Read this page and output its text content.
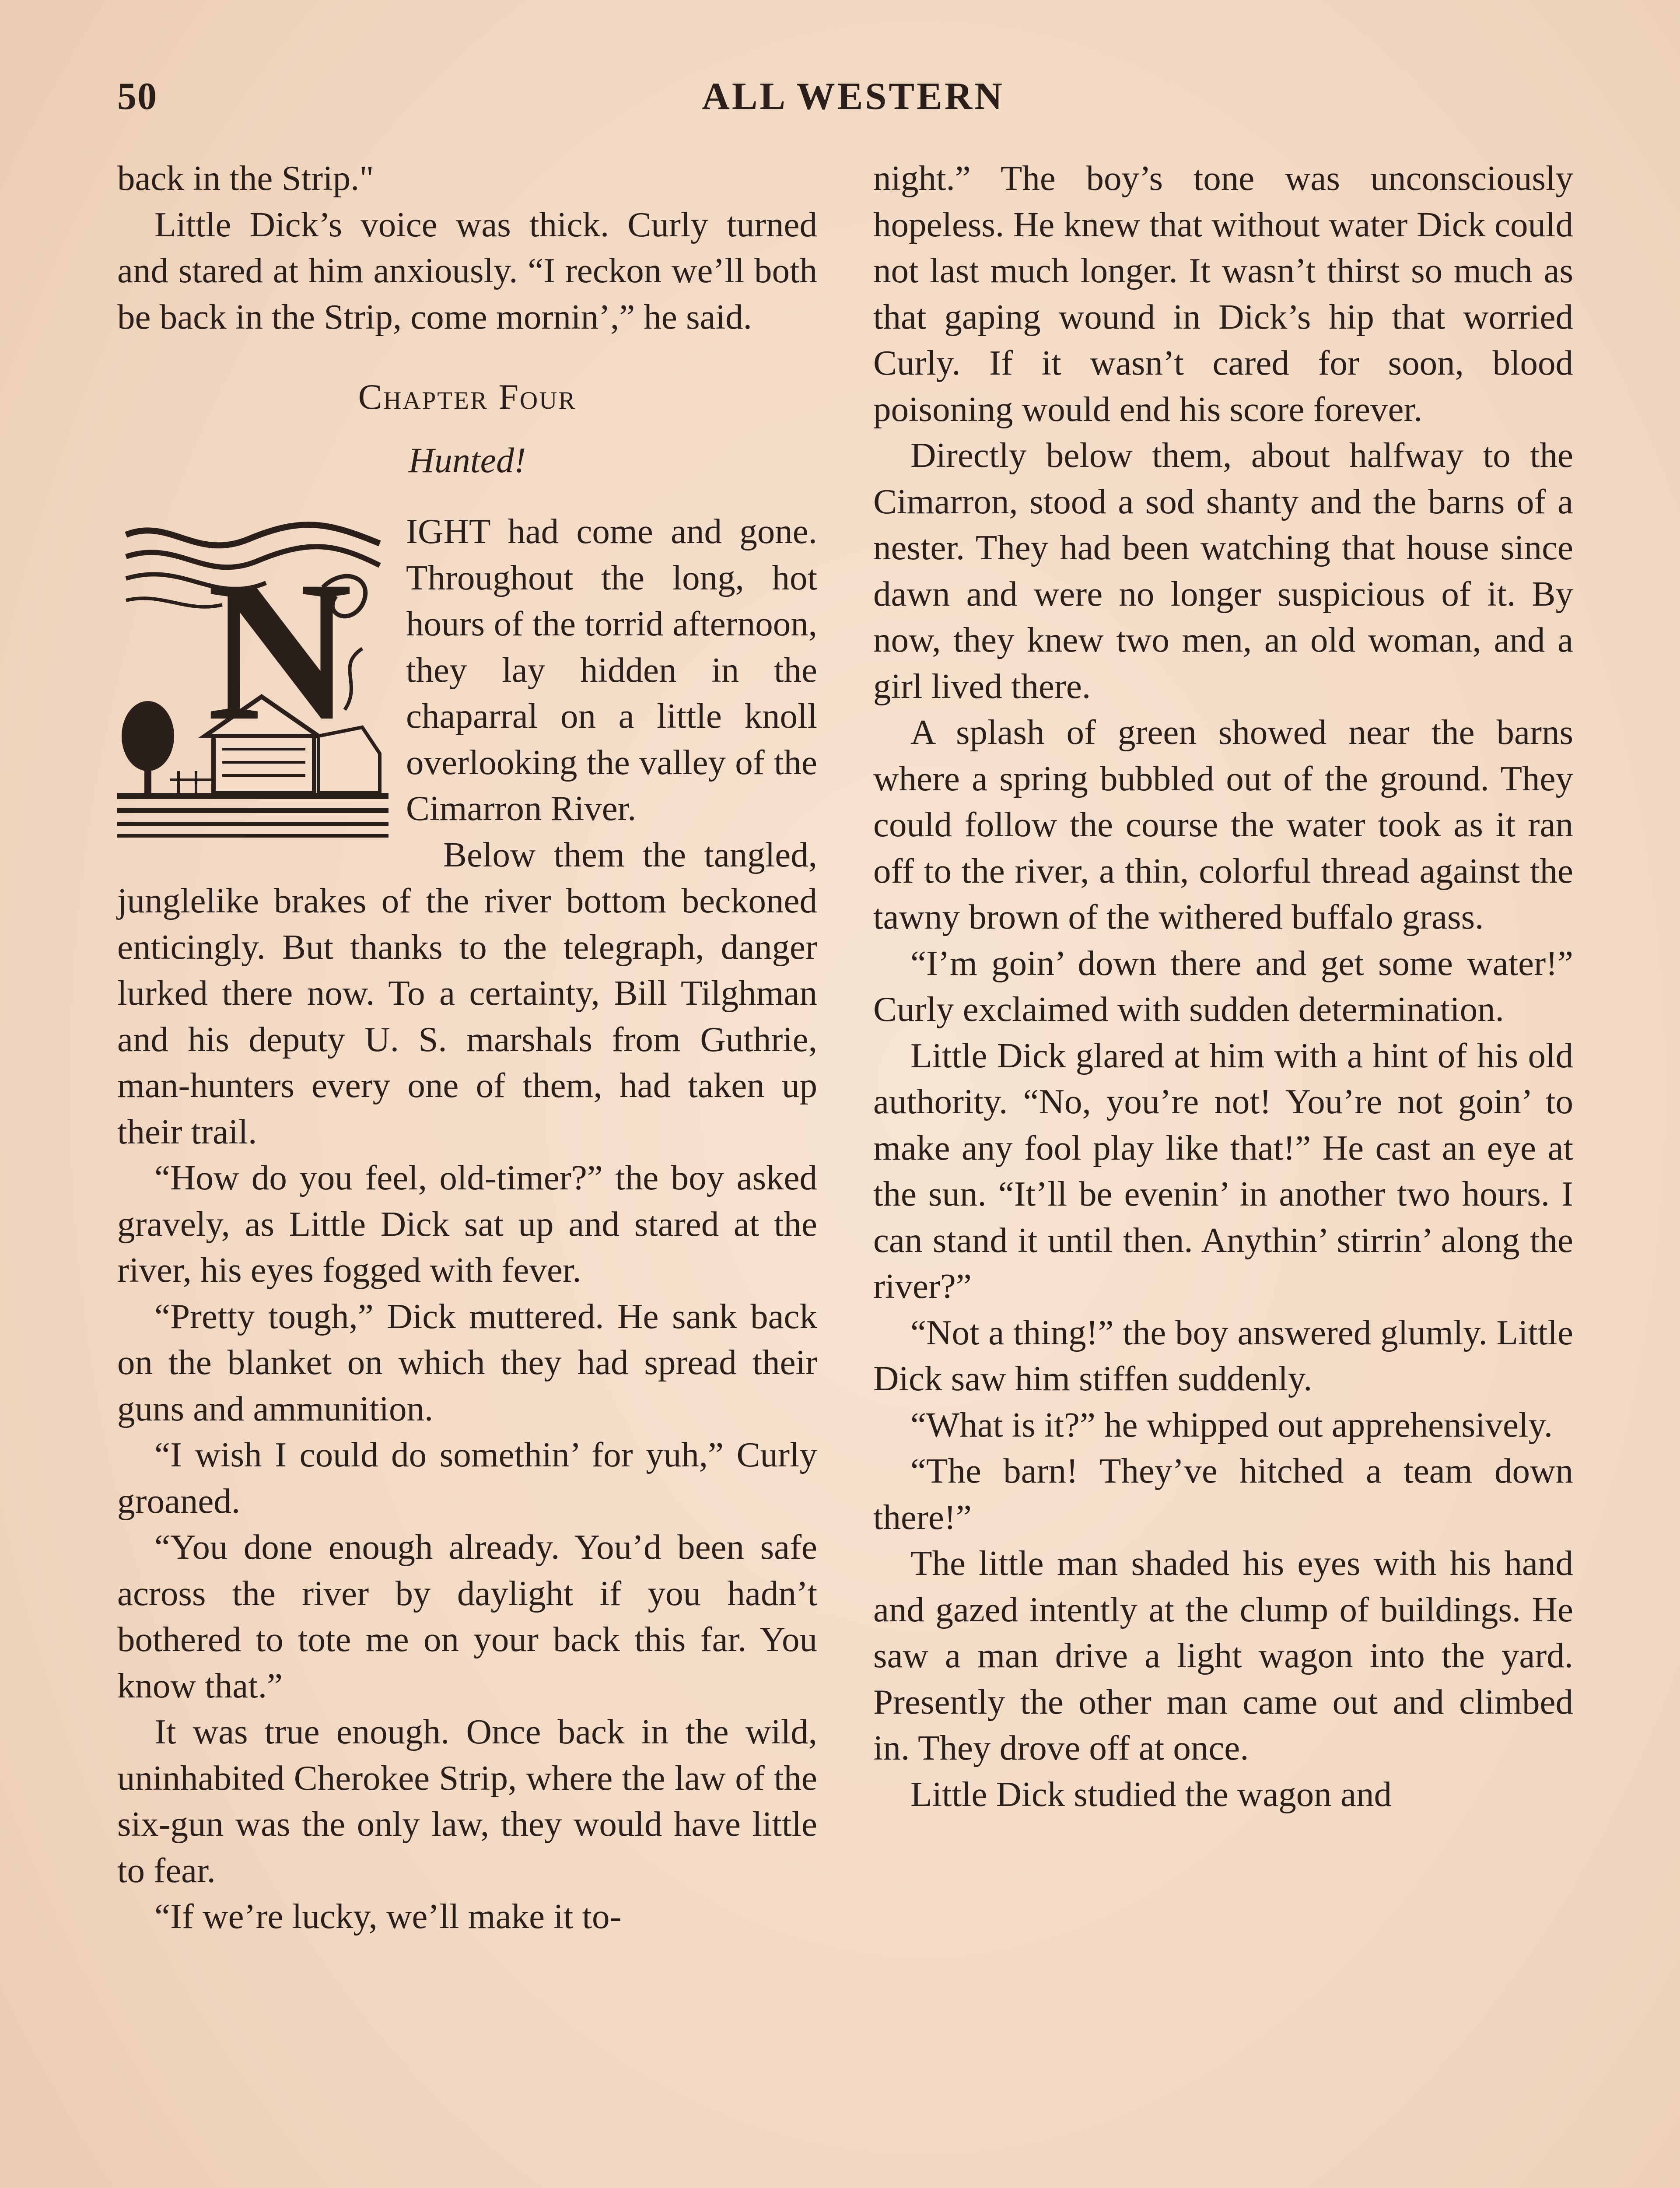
50	ALL WESTERN

back in the Strip."

Little Dick’s voice was thick. Curly turned and stared at him anxiously. “I reckon we’ll both be back in the Strip, come mornin’,” he said.

Chapter Four
Hunted!

N
IGHT had come and gone. Throughout the long, hot hours of the torrid afternoon, they lay hidden in the chaparral on a little knoll overlooking the valley of the Cimarron River.

Below them the tangled, junglelike brakes of the river bottom beckoned enticingly. But thanks to the telegraph, danger lurked there now. To a certainty, Bill Tilghman and his deputy U. S. marshals from Guthrie, man-hunters every one of them, had taken up their trail.

“How do you feel, old-timer?” the boy asked gravely, as Little Dick sat up and stared at the river, his eyes fogged with fever.

“Pretty tough,” Dick muttered. He sank back on the blanket on which they had spread their guns and ammunition.

“I wish I could do somethin’ for yuh,” Curly groaned.

“You done enough already. You’d been safe across the river by daylight if you hadn’t bothered to tote me on your back this far. You know that.”

It was true enough. Once back in the wild, uninhabited Cherokee Strip, where the law of the six-gun was the only law, they would have little to fear.

“If we’re lucky, we’ll make it to-

night.” The boy’s tone was unconsciously hopeless. He knew that without water Dick could not last much longer. It wasn’t thirst so much as that gaping wound in Dick’s hip that worried Curly. If it wasn’t cared for soon, blood poisoning would end his score forever.

Directly below them, about halfway to the Cimarron, stood a sod shanty and the barns of a nester. They had been watching that house since dawn and were no longer suspicious of it. By now, they knew two men, an old woman, and a girl lived there.

A splash of green showed near the barns where a spring bubbled out of the ground. They could follow the course the water took as it ran off to the river, a thin, colorful thread against the tawny brown of the withered buffalo grass.

“I’m goin’ down there and get some water!” Curly exclaimed with sudden determination.

Little Dick glared at him with a hint of his old authority. “No, you’re not! You’re not goin’ to make any fool play like that!” He cast an eye at the sun. “It’ll be evenin’ in another two hours. I can stand it until then. Anythin’ stirrin’ along the river?”

“Not a thing!” the boy answered glumly. Little Dick saw him stiffen suddenly.

“What is it?” he whipped out apprehensively.

“The barn! They’ve hitched a team down there!”

The little man shaded his eyes with his hand and gazed intently at the clump of buildings. He saw a man drive a light wagon into the yard. Presently the other man came out and climbed in. They drove off at once.

Little Dick studied the wagon and
